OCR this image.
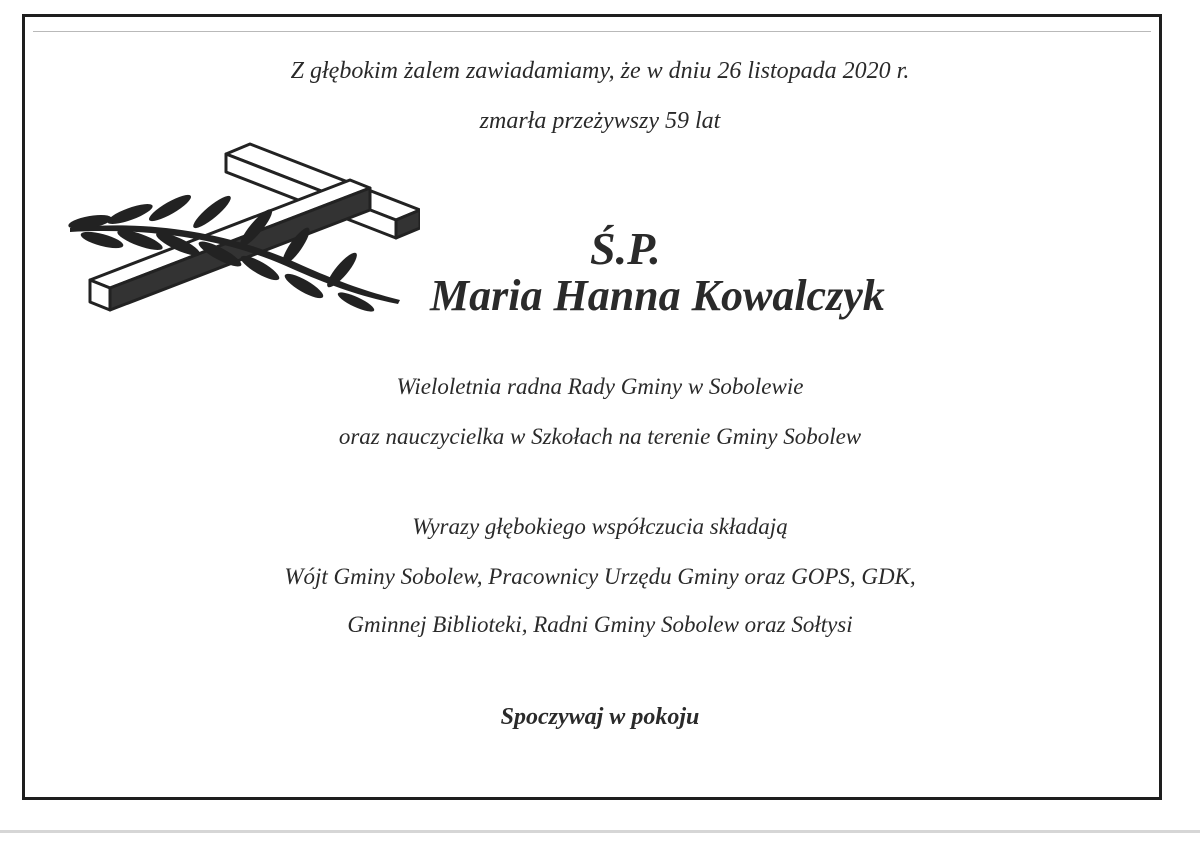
Z głębokim żalem zawiadamiamy, że w dniu 26 listopada 2020 r.
zmarła przeżywszy 59 lat
Ś.P.
Maria Hanna Kowalczyk
Wieloletnia radna Rady Gminy w Sobolewie
oraz nauczycielka w Szkołach na terenie Gminy Sobolew
Wyrazy głębokiego współczucia składają
Wójt Gminy Sobolew, Pracownicy Urzędu Gminy oraz GOPS, GDK,
Gminnej Biblioteki, Radni Gminy Sobolew oraz Sołtysi
Spoczywaj w pokoju
